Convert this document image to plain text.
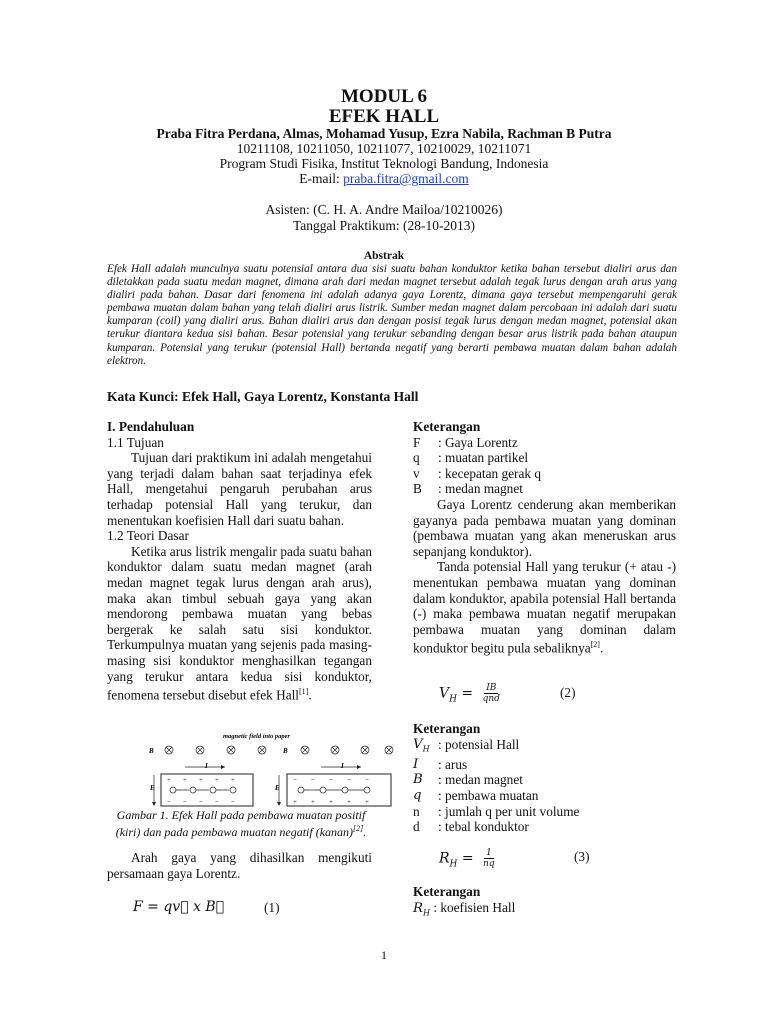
MODUL 6
EFEK HALL
Praba Fitra Perdana, Almas, Mohamad Yusup, Ezra Nabila, Rachman B Putra
10211108, 10211050, 10211077, 10210029, 10211071
Program Studi Fisika, Institut Teknologi Bandung, Indonesia
E-mail: praba.fitra@gmail.com
Asisten: (C. H. A. Andre Mailoa/10210026)
Tanggal Praktikum: (28-10-2013)
Abstrak
Efek Hall adalah munculnya suatu potensial antara dua sisi suatu bahan konduktor ketika bahan tersebut dialiri arus dan diletakkan pada suatu medan magnet, dimana arah dari medan magnet tersebut adalah tegak lurus dengan arah arus yang dialiri pada bahan. Dasar dari fenomena ini adalah adanya gaya Lorentz, dimana gaya tersebut mempengaruhi gerak pembawa muatan dalam bahan yang telah dialiri arus listrik. Sumber medan magnet dalam percobaan ini adalah dari suatu kumparan (coil) yang dialiri arus. Bahan dialiri arus dan dengan posisi tegak lurus dengan medan magnet, potensial akan terukur diantara kedua sisi bahan. Besar potensial yang terukur sebanding dengan besar arus listrik pada bahan ataupun kumparan. Potensial yang terukur (potensial Hall) bertanda negatif yang berarti pembawa muatan dalam bahan adalah elektron.
Kata Kunci: Efek Hall, Gaya Lorentz, Konstanta Hall

I. Pendahuluan

1.1 Tujuan

Tujuan dari praktikum ini adalah mengetahui yang terjadi dalam bahan saat terjadinya efek Hall, mengetahui pengaruh perubahan arus terhadap potensial Hall yang terukur, dan menentukan koefisien Hall dari suatu bahan.

1.2 Teori Dasar

Ketika arus listrik mengalir pada suatu bahan konduktor dalam suatu medan magnet (arah medan magnet tegak lurus dengan arah arus), maka akan timbul sebuah gaya yang akan mendorong pembawa muatan yang bebas bergerak ke salah satu sisi konduktor. Terkumpulnya muatan yang sejenis pada masing-masing sisi konduktor menghasilkan tegangan yang terukur antara kedua sisi konduktor, fenomena tersebut disebut efek Hall[1].

magnetic field into paper
B
I
+ + + + +
− − − − −
E
B
I
− − − − −
+ + + + +
E
Gambar 1. Efek Hall pada pembawa muatan positif (kiri) dan pada pembawa muatan negatif (kanan)[2].
Arah gaya yang dihasilkan mengikuti persamaan gaya Lorentz.
F = qv⃗ x B⃗	(1)

Keterangan

F	: Gaya Lorentz
q	: muatan partikel
v	: kecepatan gerak q
B	: medan magnet

Gaya Lorentz cenderung akan memberikan gayanya pada pembawa muatan yang dominan (pembawa muatan yang akan meneruskan arus sepanjang konduktor).

Tanda potensial Hall yang terukur (+ atau -) menentukan pembawa muatan yang dominan dalam konduktor, apabila potensial Hall bertanda (-) maka pembawa muatan negatif merupakan pembawa muatan yang dominan dalam konduktor begitu pula sebaliknya[2].

$V_H = \frac{IB}{\text{qnd}}$	(2)

Keterangan

$V_H$ : potensial Hall
I	: arus
B	: medan magnet
q	: pembawa muatan
n	: jumlah q per unit volume
d	: tebal konduktor
$R_H = \frac{1}{nq}$	(3)

Keterangan

$R_H$ : koefisien Hall
1
